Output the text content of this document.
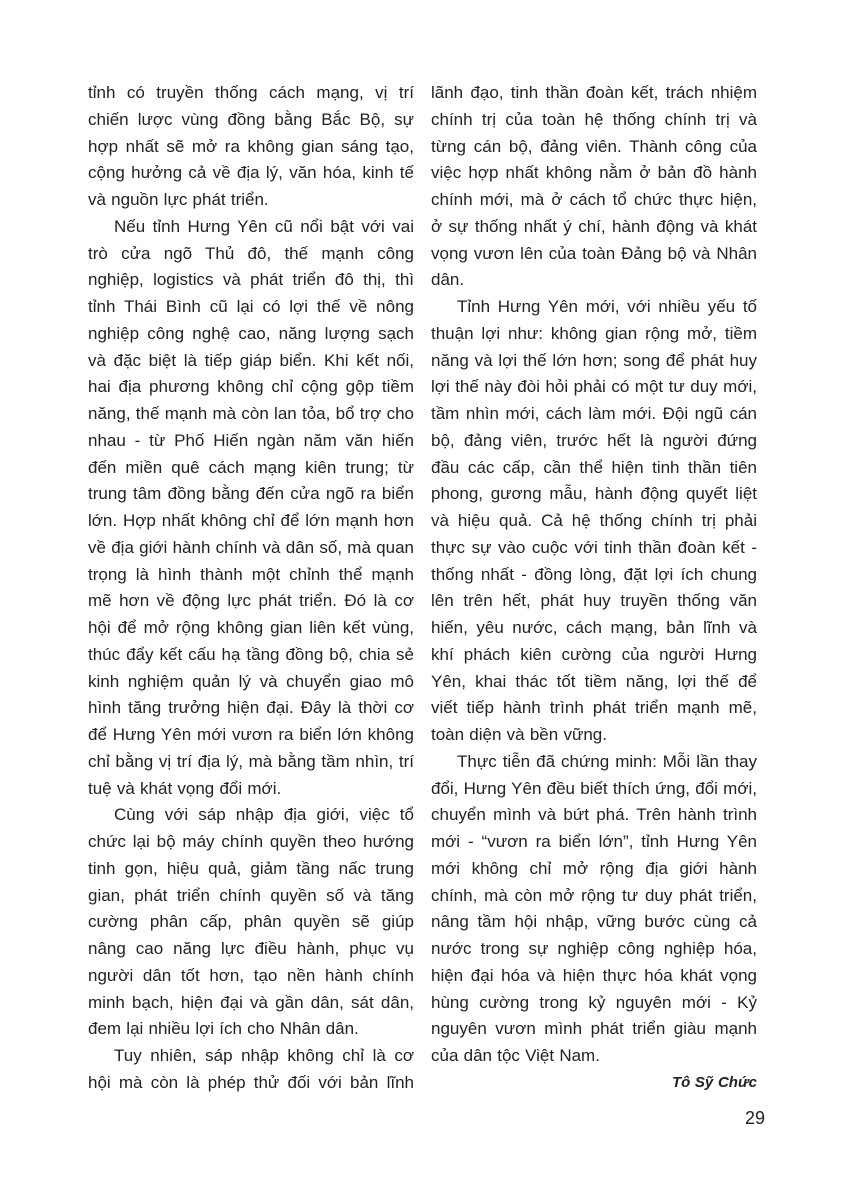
tỉnh có truyền thống cách mạng, vị trí chiến lược vùng đồng bằng Bắc Bộ, sự hợp nhất sẽ mở ra không gian sáng tạo, cộng hưởng cả về địa lý, văn hóa, kinh tế và nguồn lực phát triển.

Nếu tỉnh Hưng Yên cũ nổi bật với vai trò cửa ngõ Thủ đô, thế mạnh công nghiệp, logistics và phát triển đô thị, thì tỉnh Thái Bình cũ lại có lợi thế về nông nghiệp công nghệ cao, năng lượng sạch và đặc biệt là tiếp giáp biển. Khi kết nối, hai địa phương không chỉ cộng gộp tiềm năng, thế mạnh mà còn lan tỏa, bổ trợ cho nhau - từ Phố Hiến ngàn năm văn hiến đến miền quê cách mạng kiên trung; từ trung tâm đồng bằng đến cửa ngõ ra biển lớn. Hợp nhất không chỉ để lớn mạnh hơn về địa giới hành chính và dân số, mà quan trọng là hình thành một chỉnh thể mạnh mẽ hơn về động lực phát triển. Đó là cơ hội để mở rộng không gian liên kết vùng, thúc đẩy kết cấu hạ tầng đồng bộ, chia sẻ kinh nghiệm quản lý và chuyển giao mô hình tăng trưởng hiện đại. Đây là thời cơ để Hưng Yên mới vươn ra biển lớn không chỉ bằng vị trí địa lý, mà bằng tầm nhìn, trí tuệ và khát vọng đổi mới.

Cùng với sáp nhập địa giới, việc tổ chức lại bộ máy chính quyền theo hướng tinh gọn, hiệu quả, giảm tầng nấc trung gian, phát triển chính quyền số và tăng cường phân cấp, phân quyền sẽ giúp nâng cao năng lực điều hành, phục vụ người dân tốt hơn, tạo nền hành chính minh bạch, hiện đại và gần dân, sát dân, đem lại nhiều lợi ích cho Nhân dân.

Tuy nhiên, sáp nhập không chỉ là cơ hội mà còn là phép thử đối với bản lĩnh

lãnh đạo, tinh thần đoàn kết, trách nhiệm chính trị của toàn hệ thống chính trị và từng cán bộ, đảng viên. Thành công của việc hợp nhất không nằm ở bản đồ hành chính mới, mà ở cách tổ chức thực hiện, ở sự thống nhất ý chí, hành động và khát vọng vươn lên của toàn Đảng bộ và Nhân dân.

Tỉnh Hưng Yên mới, với nhiều yếu tố thuận lợi như: không gian rộng mở, tiềm năng và lợi thế lớn hơn; song để phát huy lợi thế này đòi hỏi phải có một tư duy mới, tầm nhìn mới, cách làm mới. Đội ngũ cán bộ, đảng viên, trước hết là người đứng đầu các cấp, cần thể hiện tinh thần tiên phong, gương mẫu, hành động quyết liệt và hiệu quả. Cả hệ thống chính trị phải thực sự vào cuộc với tinh thần đoàn kết - thống nhất - đồng lòng, đặt lợi ích chung lên trên hết, phát huy truyền thống văn hiến, yêu nước, cách mạng, bản lĩnh và khí phách kiên cường của người Hưng Yên, khai thác tốt tiềm năng, lợi thế để viết tiếp hành trình phát triển mạnh mẽ, toàn diện và bền vững.

Thực tiễn đã chứng minh: Mỗi lần thay đổi, Hưng Yên đều biết thích ứng, đổi mới, chuyển mình và bứt phá. Trên hành trình mới - “vươn ra biển lớn”, tỉnh Hưng Yên mới không chỉ mở rộng địa giới hành chính, mà còn mở rộng tư duy phát triển, nâng tầm hội nhập, vững bước cùng cả nước trong sự nghiệp công nghiệp hóa, hiện đại hóa và hiện thực hóa khát vọng hùng cường trong kỷ nguyên mới - Kỷ nguyên vươn mình phát triển giàu mạnh của dân tộc Việt Nam.

Tô Sỹ Chức
29
